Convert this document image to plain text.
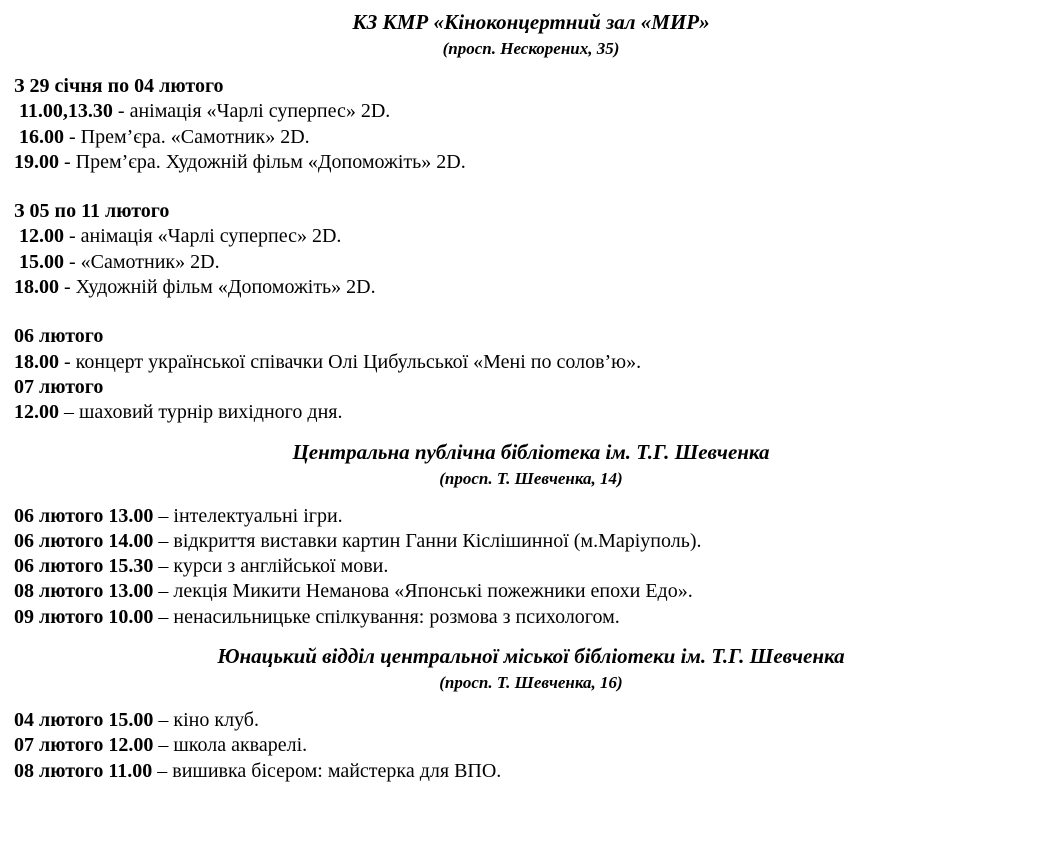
КЗ КМР «Кіноконцертний зал «МИР»

(просп. Нескорених, 35)

З 29 січня по 04 лютого

11.00,13.30 - анімація «Чарлі суперпес» 2D.

16.00 - Прем’єра. «Самотник» 2D.

19.00 - Прем’єра. Художній фільм «Допоможіть» 2D.

З 05 по 11 лютого

12.00 - анімація «Чарлі суперпес» 2D.

15.00 - «Самотник» 2D.

18.00 - Художній фільм «Допоможіть» 2D.

06 лютого

18.00 - концерт української співачки Олі Цибульської «Мені по солов’ю».

07 лютого

12.00 – шаховий турнір вихідного дня.

Центральна публічна бібліотека ім. Т.Г. Шевченка

(просп. Т. Шевченка, 14)

06 лютого 13.00 – інтелектуальні ігри.

06 лютого 14.00 – відкриття виставки картин Ганни Кіслішинної (м.Маріуполь).

06 лютого 15.30 – курси з англійської мови.

08 лютого 13.00 – лекція Микити Неманова «Японські пожежники епохи Едо».

09 лютого 10.00 – ненасильницьке спілкування: розмова з психологом.

Юнацький відділ центральної міської бібліотеки ім. Т.Г. Шевченка

(просп. Т. Шевченка, 16)

04 лютого 15.00 – кіно клуб.

07 лютого 12.00 – школа акварелі.

08 лютого 11.00 – вишивка бісером: майстерка для ВПО.
